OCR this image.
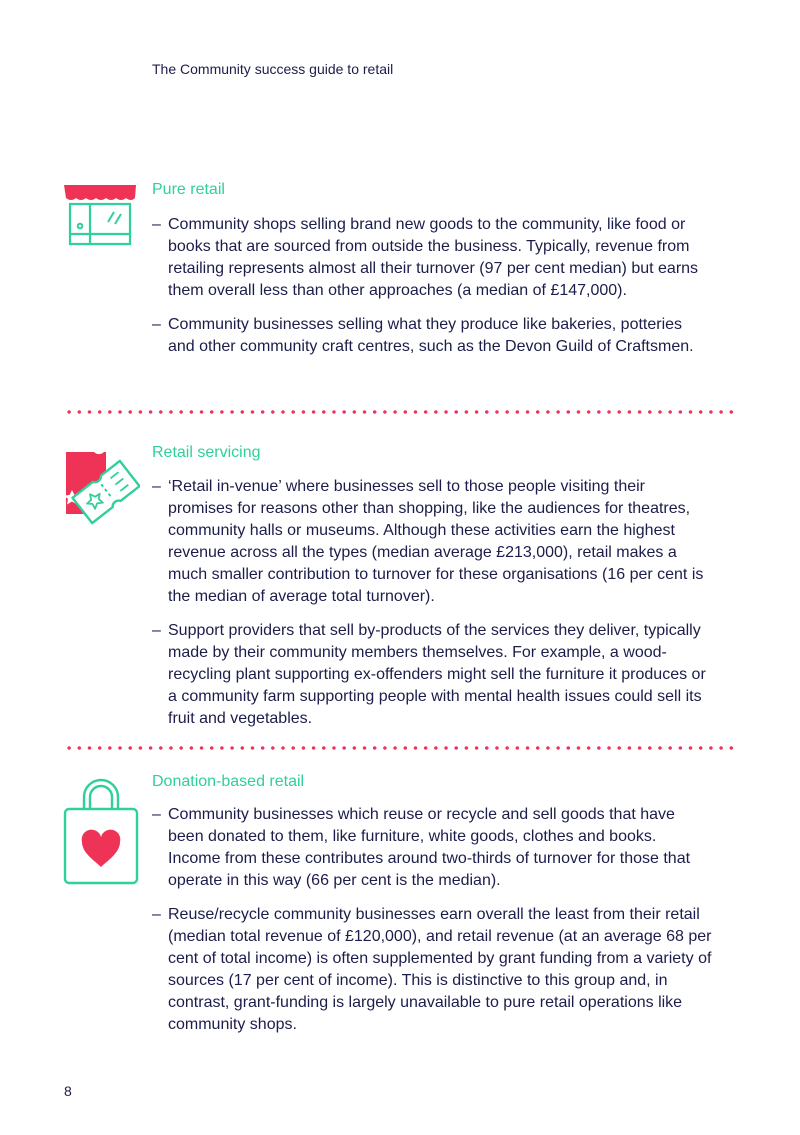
The Community success guide to retail
Pure retail
– Community shops selling brand new goods to the community, like food or books that are sourced from outside the business. Typically, revenue from retailing represents almost all their turnover (97 per cent median) but earns them overall less than other approaches (a median of £147,000).
– Community businesses selling what they produce like bakeries, potteries and other community craft centres, such as the Devon Guild of Craftsmen.
Retail servicing
– ‘Retail in-venue’ where businesses sell to those people visiting their promises for reasons other than shopping, like the audiences for theatres, community halls or museums. Although these activities earn the highest revenue across all the types (median average £213,000), retail makes a much smaller contribution to turnover for these organisations (16 per cent is the median of average total turnover).
– Support providers that sell by-products of the services they deliver, typically made by their community members themselves. For example, a wood-recycling plant supporting ex-offenders might sell the furniture it produces or a community farm supporting people with mental health issues could sell its fruit and vegetables.
Donation-based retail
– Community businesses which reuse or recycle and sell goods that have been donated to them, like furniture, white goods, clothes and books. Income from these contributes around two-thirds of turnover for those that operate in this way (66 per cent is the median).
– Reuse/recycle community businesses earn overall the least from their retail (median total revenue of £120,000), and retail revenue (at an average 68 per cent of total income) is often supplemented by grant funding from a variety of sources (17 per cent of income). This is distinctive to this group and, in contrast, grant-funding is largely unavailable to pure retail operations like community shops.
8
